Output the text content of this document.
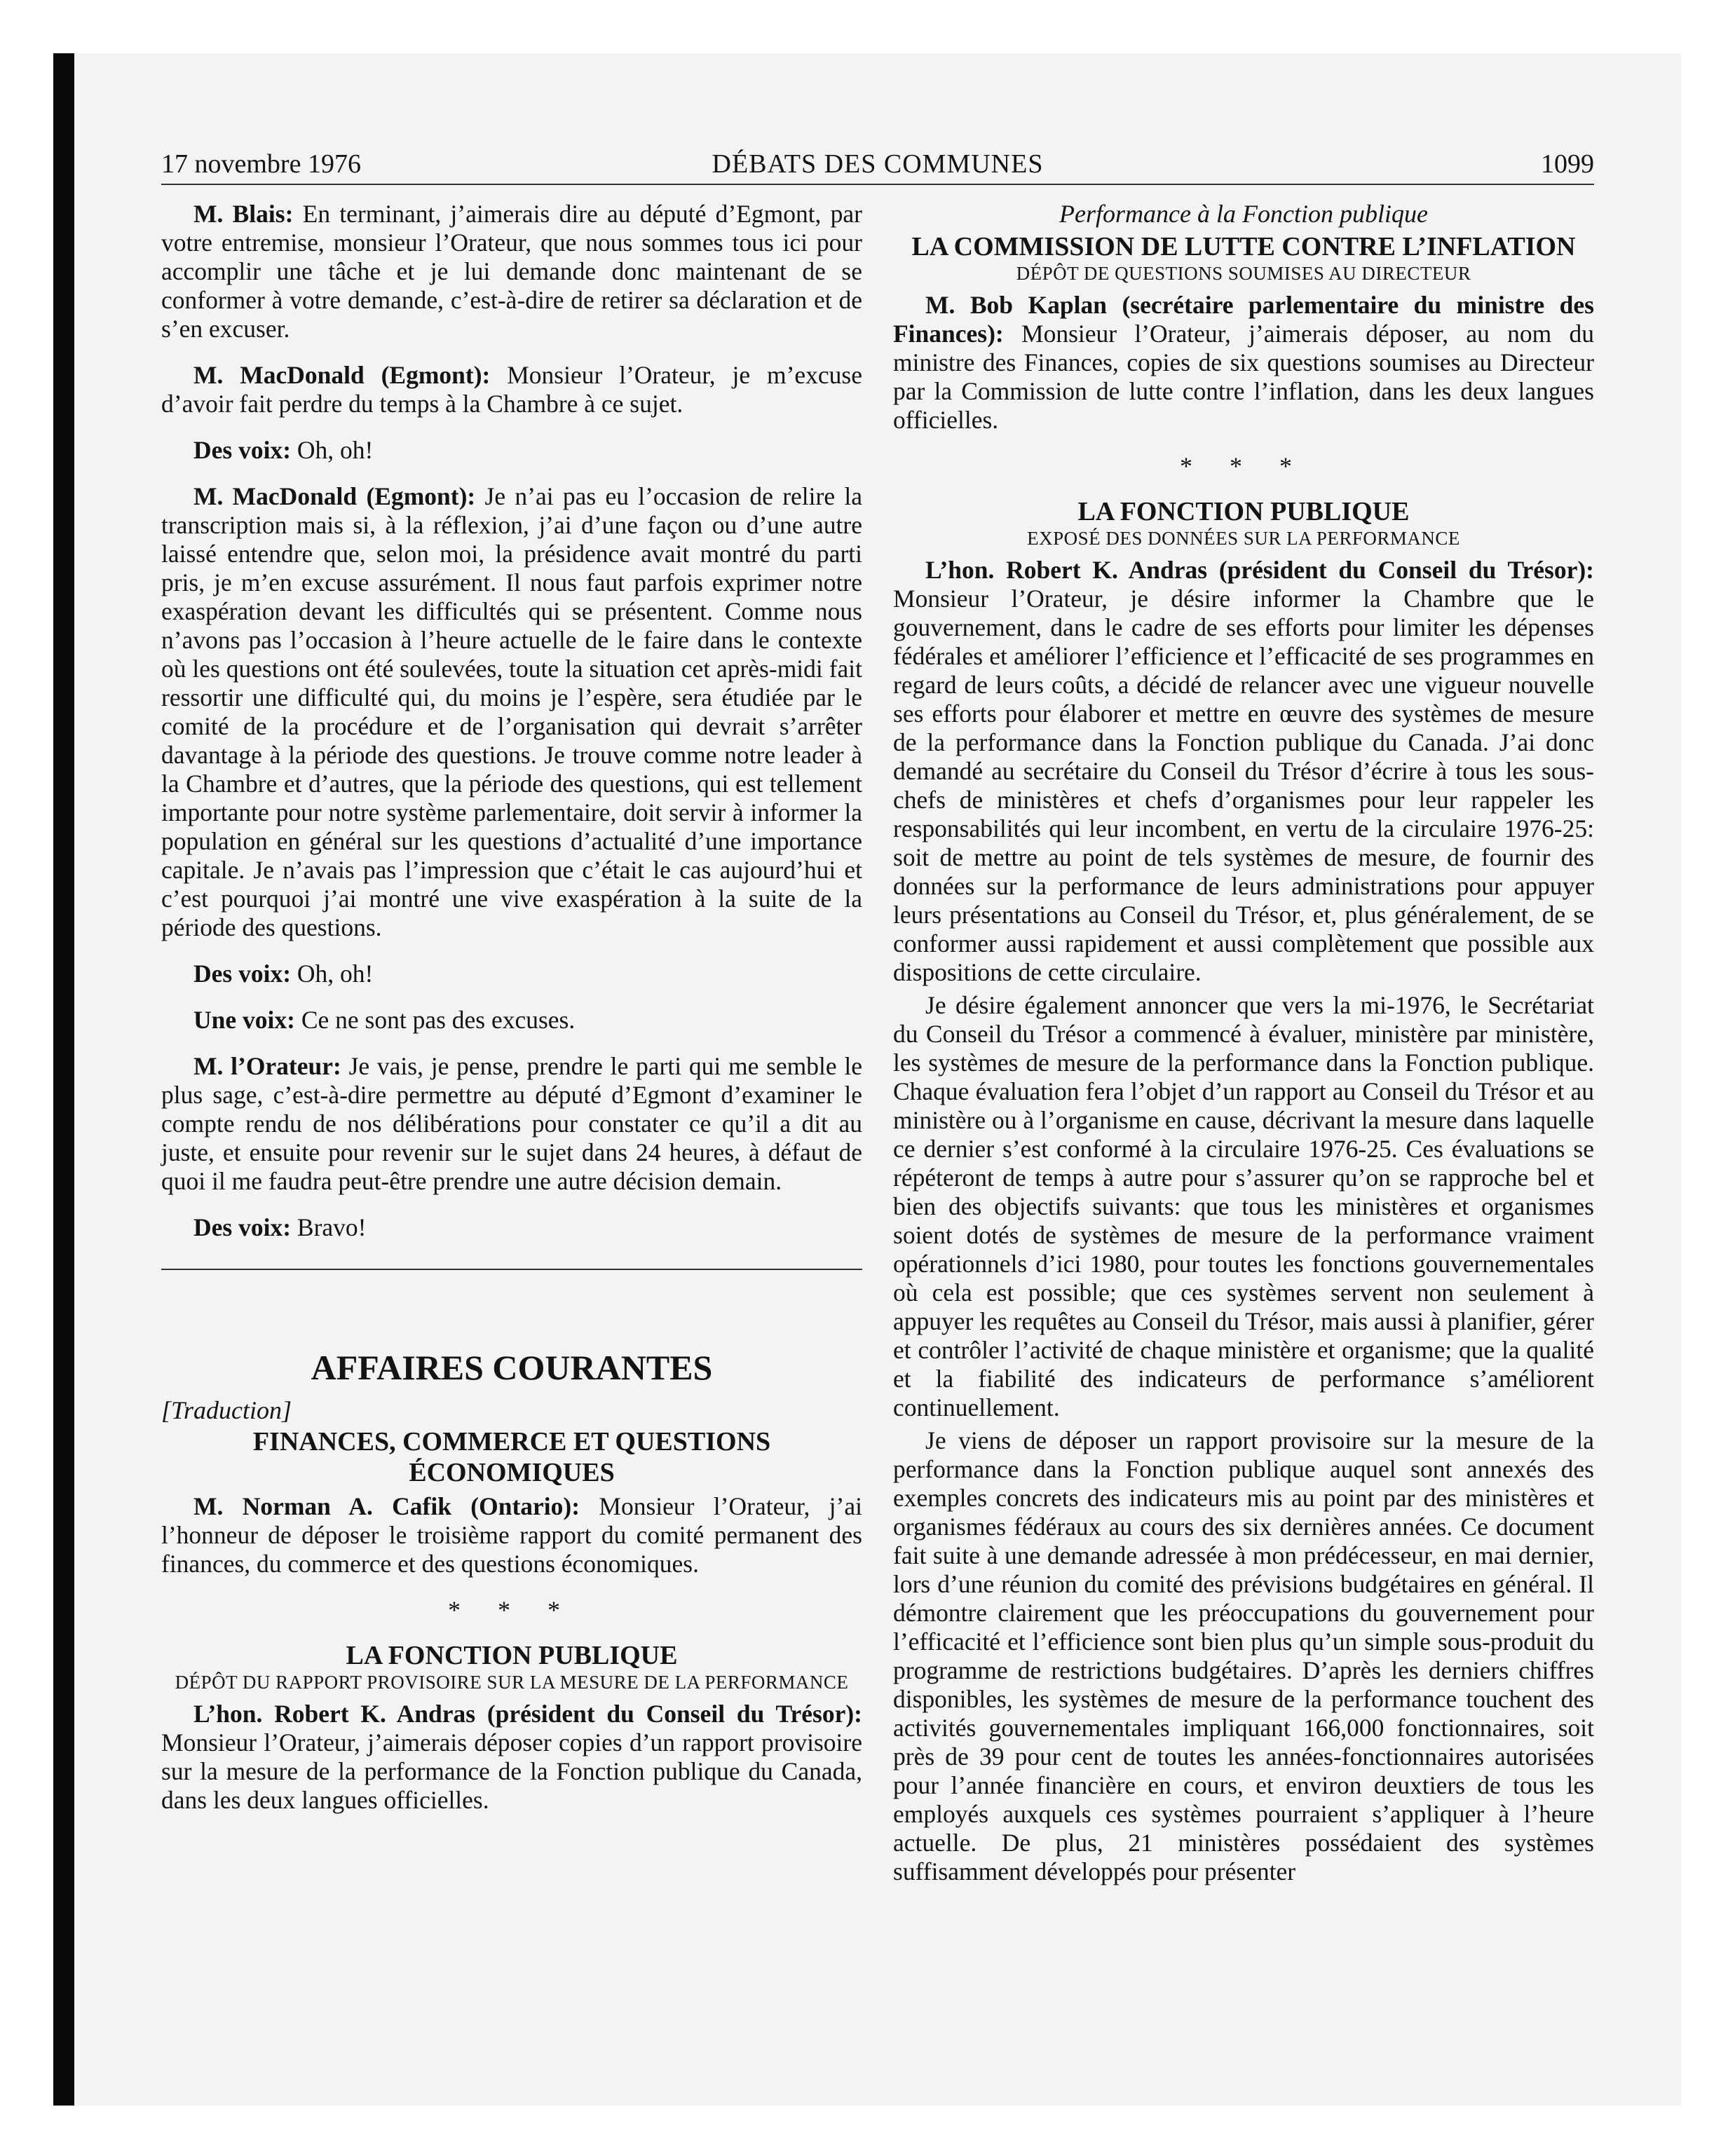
17 novembre 1976	DÉBATS DES COMMUNES	1099

M. Blais: En terminant, j’aimerais dire au député d’Egmont, par votre entremise, monsieur l’Orateur, que nous sommes tous ici pour accomplir une tâche et je lui demande donc maintenant de se conformer à votre demande, c’est-à-dire de retirer sa déclaration et de s’en excuser.

M. MacDonald (Egmont): Monsieur l’Orateur, je m’excuse d’avoir fait perdre du temps à la Chambre à ce sujet.

Des voix: Oh, oh!

M. MacDonald (Egmont): Je n’ai pas eu l’occasion de relire la transcription mais si, à la réflexion, j’ai d’une façon ou d’une autre laissé entendre que, selon moi, la présidence avait montré du parti pris, je m’en excuse assurément. Il nous faut parfois exprimer notre exaspération devant les difficultés qui se présentent. Comme nous n’avons pas l’occasion à l’heure actuelle de le faire dans le contexte où les questions ont été soulevées, toute la situation cet après-midi fait ressortir une difficulté qui, du moins je l’espère, sera étudiée par le comité de la procédure et de l’organisation qui devrait s’arrêter davantage à la période des questions. Je trouve comme notre leader à la Chambre et d’autres, que la période des questions, qui est tellement importante pour notre système parlementaire, doit servir à informer la population en général sur les questions d’actualité d’une importance capitale. Je n’avais pas l’impression que c’était le cas aujourd’hui et c’est pourquoi j’ai montré une vive exaspération à la suite de la période des questions.

Des voix: Oh, oh!

Une voix: Ce ne sont pas des excuses.

M. l’Orateur: Je vais, je pense, prendre le parti qui me semble le plus sage, c’est-à-dire permettre au député d’Egmont d’examiner le compte rendu de nos délibérations pour constater ce qu’il a dit au juste, et ensuite pour revenir sur le sujet dans 24 heures, à défaut de quoi il me faudra peut-être prendre une autre décision demain.

Des voix: Bravo!

AFFAIRES COURANTES
[Traduction]
FINANCES, COMMERCE ET QUESTIONS
ÉCONOMIQUES

M. Norman A. Cafik (Ontario): Monsieur l’Orateur, j’ai l’honneur de déposer le troisième rapport du comité permanent des finances, du commerce et des questions économiques.

* * *
LA FONCTION PUBLIQUE
DÉPÔT DU RAPPORT PROVISOIRE SUR LA MESURE DE LA PERFORMANCE

L’hon. Robert K. Andras (président du Conseil du Trésor): Monsieur l’Orateur, j’aimerais déposer copies d’un rapport provisoire sur la mesure de la performance de la Fonction publique du Canada, dans les deux langues officielles.

Performance à la Fonction publique
LA COMMISSION DE LUTTE CONTRE L’INFLATION
DÉPÔT DE QUESTIONS SOUMISES AU DIRECTEUR

M. Bob Kaplan (secrétaire parlementaire du ministre des Finances): Monsieur l’Orateur, j’aimerais déposer, au nom du ministre des Finances, copies de six questions soumises au Directeur par la Commission de lutte contre l’inflation, dans les deux langues officielles.

* * *
LA FONCTION PUBLIQUE
EXPOSÉ DES DONNÉES SUR LA PERFORMANCE

L’hon. Robert K. Andras (président du Conseil du Trésor): Monsieur l’Orateur, je désire informer la Chambre que le gouvernement, dans le cadre de ses efforts pour limiter les dépenses fédérales et améliorer l’efficience et l’efficacité de ses programmes en regard de leurs coûts, a décidé de relancer avec une vigueur nouvelle ses efforts pour élaborer et mettre en œuvre des systèmes de mesure de la performance dans la Fonction publique du Canada. J’ai donc demandé au secrétaire du Conseil du Trésor d’écrire à tous les sous-chefs de ministères et chefs d’organismes pour leur rappeler les responsabilités qui leur incombent, en vertu de la circulaire 1976-25: soit de mettre au point de tels systèmes de mesure, de fournir des données sur la performance de leurs administrations pour appuyer leurs présentations au Conseil du Trésor, et, plus généralement, de se conformer aussi rapidement et aussi complètement que possible aux dispositions de cette circulaire.

Je désire également annoncer que vers la mi-1976, le Secrétariat du Conseil du Trésor a commencé à évaluer, ministère par ministère, les systèmes de mesure de la performance dans la Fonction publique. Chaque évaluation fera l’objet d’un rapport au Conseil du Trésor et au ministère ou à l’organisme en cause, décrivant la mesure dans laquelle ce dernier s’est conformé à la circulaire 1976-25. Ces évaluations se répéteront de temps à autre pour s’assurer qu’on se rapproche bel et bien des objectifs suivants: que tous les ministères et organismes soient dotés de systèmes de mesure de la performance vraiment opérationnels d’ici 1980, pour toutes les fonctions gouvernementales où cela est possible; que ces systèmes servent non seulement à appuyer les requêtes au Conseil du Trésor, mais aussi à planifier, gérer et contrôler l’activité de chaque ministère et organisme; que la qualité et la fiabilité des indicateurs de performance s’améliorent continuellement.

Je viens de déposer un rapport provisoire sur la mesure de la performance dans la Fonction publique auquel sont annexés des exemples concrets des indicateurs mis au point par des ministères et organismes fédéraux au cours des six dernières années. Ce document fait suite à une demande adressée à mon prédécesseur, en mai dernier, lors d’une réunion du comité des prévisions budgétaires en général. Il démontre clairement que les préoccupations du gouvernement pour l’efficacité et l’efficience sont bien plus qu’un simple sous-produit du programme de restrictions budgétaires. D’après les derniers chiffres disponibles, les systèmes de mesure de la performance touchent des activités gouvernementales impliquant 166,000 fonctionnaires, soit près de 39 pour cent de toutes les années-fonctionnaires autorisées pour l’année financière en cours, et environ deuxtiers de tous les employés auxquels ces systèmes pourraient s’appliquer à l’heure actuelle. De plus, 21 ministères possédaient des systèmes suffisamment développés pour présenter
